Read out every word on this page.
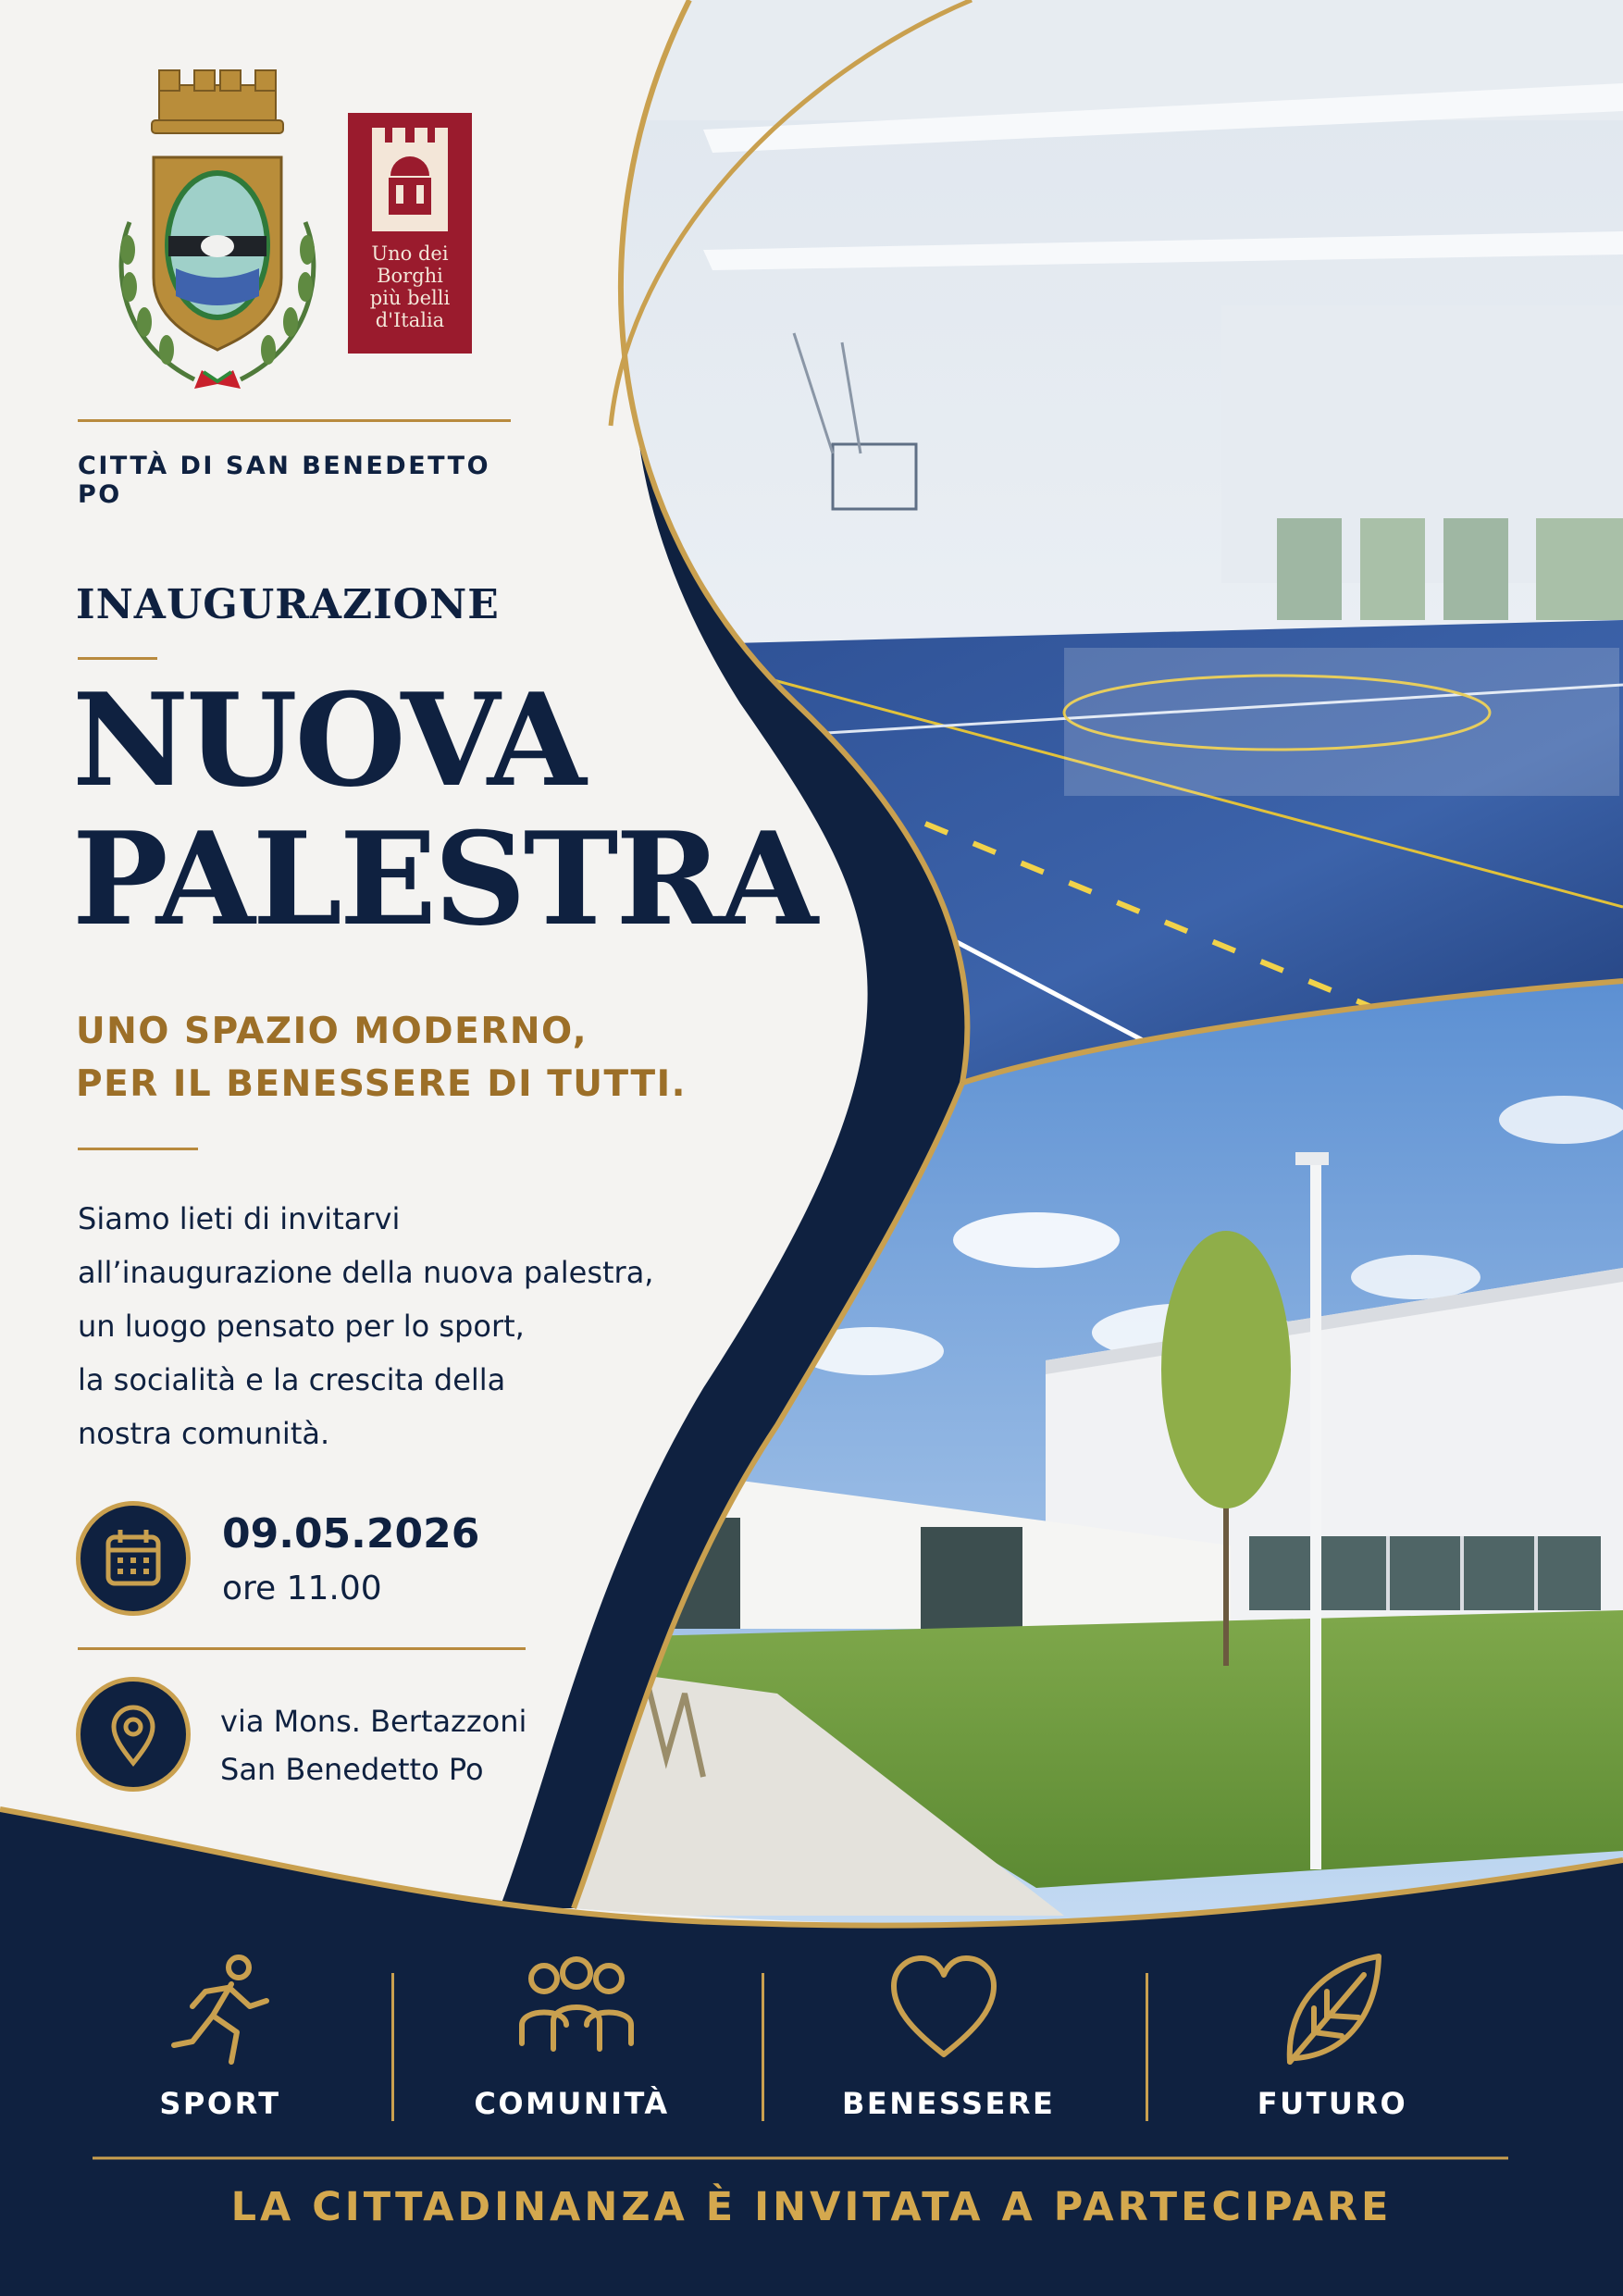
Uno dei
Borghi
più belli
d'Italia

CITTÀ DI SAN BENEDETTO PO

INAUGURAZIONE

NUOVA
PALESTRA

UNO SPAZIO MODERNO,
PER IL BENESSERE DI TUTTI.

Siamo lieti di invitarvi
all’inaugurazione della nuova palestra,
un luogo pensato per lo sport,
la socialità e la crescita della
nostra comunità.

09.05.2026

ore 11.00

via Mons. Bertazzoni
San Benedetto Po

SPORT	COMUNITÀ	BENESSERE	FUTURO

LA CITTADINANZA È INVITATA A PARTECIPARE
